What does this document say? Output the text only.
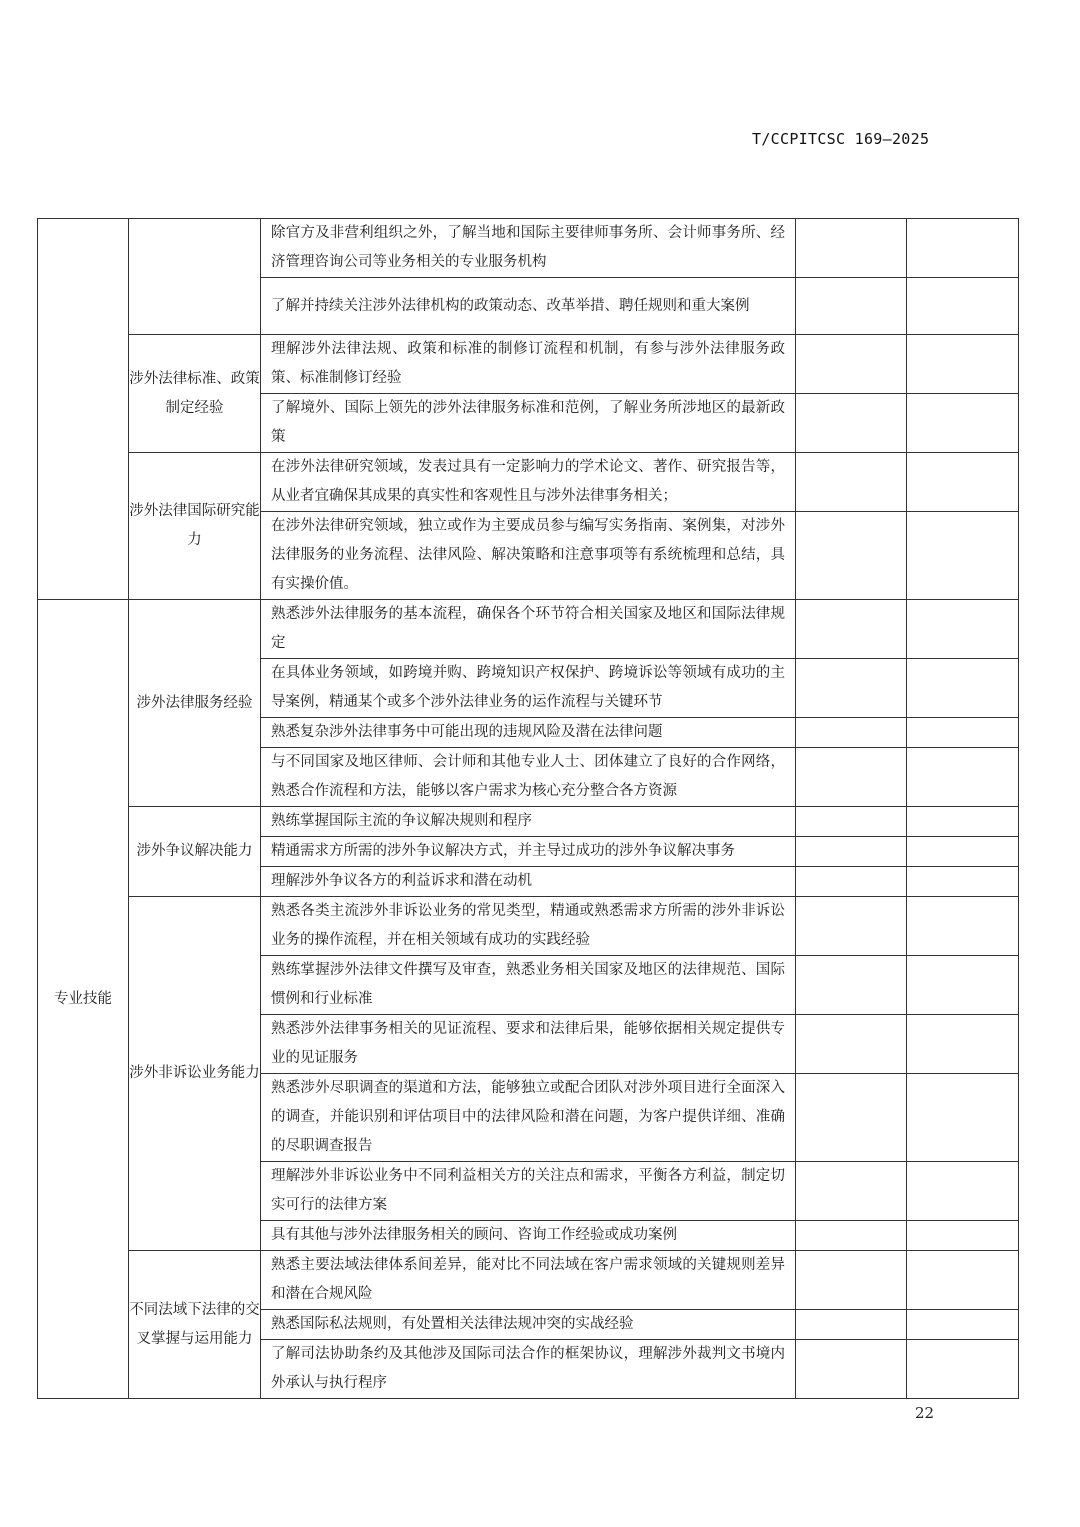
T/CCPITCSC 169—2025
		除官方及非营利组织之外，了解当地和国际主要律师事务所、会计师事务所、经济管理咨询公司等业务相关的专业服务机构		
		了解并持续关注涉外法律机构的政策动态、改革举措、聘任规则和重大案例		
	涉外法律标准、政策制定经验	理解涉外法律法规、政策和标准的制修订流程和机制，有参与涉外法律服务政策、标准制修订经验		
		了解境外、国际上领先的涉外法律服务标准和范例，了解业务所涉地区的最新政策		
	涉外法律国际研究能力	在涉外法律研究领域，发表过具有一定影响力的学术论文、著作、研究报告等，从业者宜确保其成果的真实性和客观性且与涉外法律事务相关；		
		在涉外法律研究领域，独立或作为主要成员参与编写实务指南、案例集，对涉外法律服务的业务流程、法律风险、解决策略和注意事项等有系统梳理和总结，具有实操价值。		
专业技能	涉外法律服务经验	熟悉涉外法律服务的基本流程，确保各个环节符合相关国家及地区和国际法律规定		
		在具体业务领域，如跨境并购、跨境知识产权保护、跨境诉讼等领域有成功的主导案例，精通某个或多个涉外法律业务的运作流程与关键环节		
		熟悉复杂涉外法律事务中可能出现的违规风险及潜在法律问题		
		与不同国家及地区律师、会计师和其他专业人士、团体建立了良好的合作网络，熟悉合作流程和方法，能够以客户需求为核心充分整合各方资源		
	涉外争议解决能力	熟练掌握国际主流的争议解决规则和程序		
		精通需求方所需的涉外争议解决方式，并主导过成功的涉外争议解决事务		
		理解涉外争议各方的利益诉求和潜在动机		
	涉外非诉讼业务能力	熟悉各类主流涉外非诉讼业务的常见类型，精通或熟悉需求方所需的涉外非诉讼业务的操作流程，并在相关领域有成功的实践经验		
		熟练掌握涉外法律文件撰写及审查，熟悉业务相关国家及地区的法律规范、国际惯例和行业标准		
		熟悉涉外法律事务相关的见证流程、要求和法律后果，能够依据相关规定提供专业的见证服务		
		熟悉涉外尽职调查的渠道和方法，能够独立或配合团队对涉外项目进行全面深入的调查，并能识别和评估项目中的法律风险和潜在问题，为客户提供详细、准确的尽职调查报告		
		理解涉外非诉讼业务中不同利益相关方的关注点和需求，平衡各方利益，制定切实可行的法律方案		
		具有其他与涉外法律服务相关的顾问、咨询工作经验或成功案例		
	不同法域下法律的交叉掌握与运用能力	熟悉主要法域法律体系间差异，能对比不同法域在客户需求领域的关键规则差异和潜在合规风险		
		熟悉国际私法规则，有处置相关法律法规冲突的实战经验		
		了解司法协助条约及其他涉及国际司法合作的框架协议，理解涉外裁判文书境内外承认与执行程序		
22
